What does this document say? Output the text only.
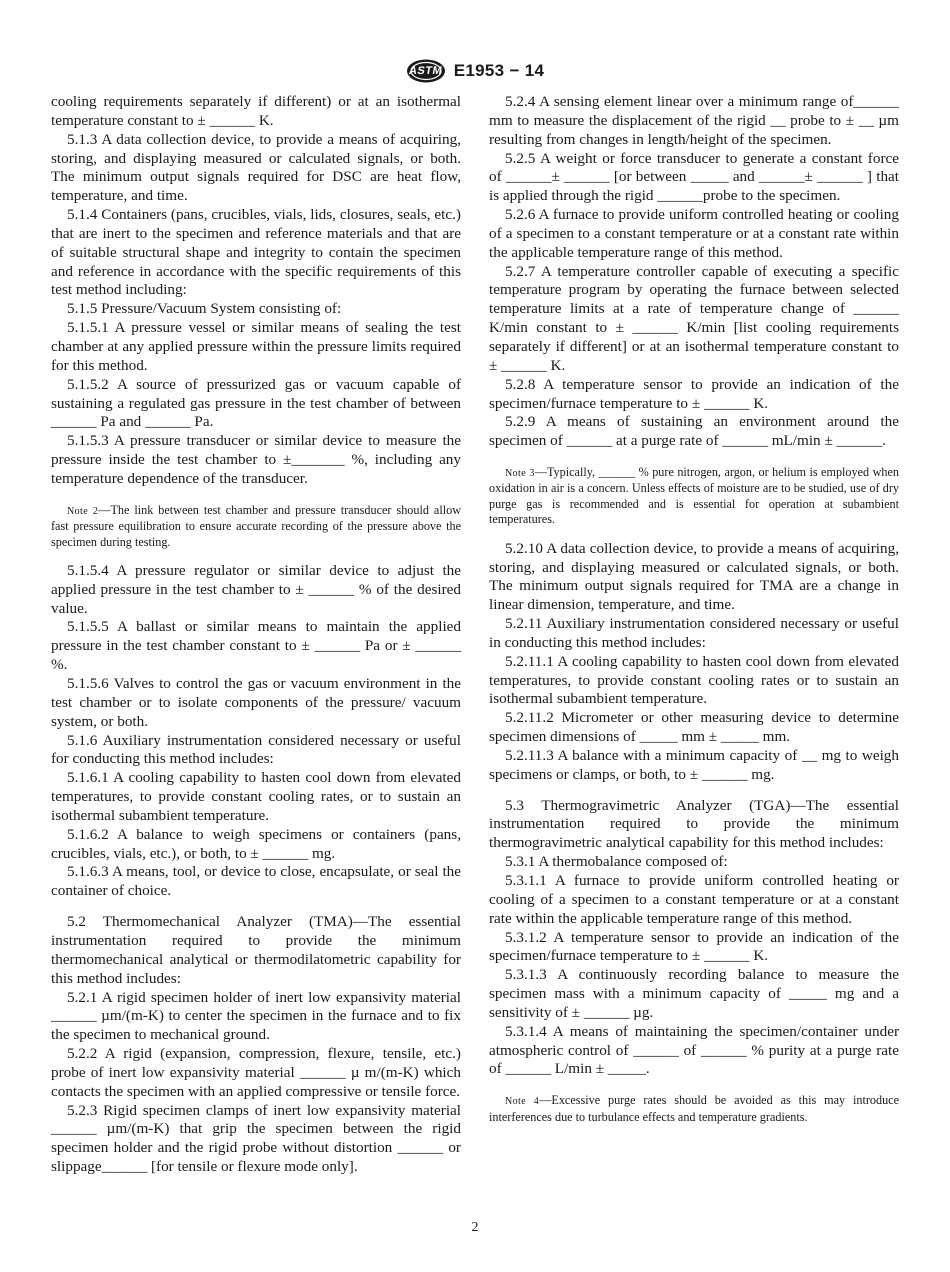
ASTM E1953 − 14

cooling requirements separately if different) or at an isothermal temperature constant to ± ______ K.

5.1.3 A data collection device, to provide a means of acquiring, storing, and displaying measured or calculated signals, or both. The minimum output signals required for DSC are heat flow, temperature, and time.

5.1.4 Containers (pans, crucibles, vials, lids, closures, seals, etc.) that are inert to the specimen and reference materials and that are of suitable structural shape and integrity to contain the specimen and reference in accordance with the specific requirements of this test method including:

5.1.5 Pressure/Vacuum System consisting of:

5.1.5.1 A pressure vessel or similar means of sealing the test chamber at any applied pressure within the pressure limits required for this method.

5.1.5.2 A source of pressurized gas or vacuum capable of sustaining a regulated gas pressure in the test chamber of between ______ Pa and ______ Pa.

5.1.5.3 A pressure transducer or similar device to measure the pressure inside the test chamber to ±_______ %, including any temperature dependence of the transducer.

Note 2—The link between test chamber and pressure transducer should allow fast pressure equilibration to ensure accurate recording of the pressure above the specimen during testing.

5.1.5.4 A pressure regulator or similar device to adjust the applied pressure in the test chamber to ± ______ % of the desired value.

5.1.5.5 A ballast or similar means to maintain the applied pressure in the test chamber constant to ± ______ Pa or ± ______ %.

5.1.5.6 Valves to control the gas or vacuum environment in the test chamber or to isolate components of the pressure/ vacuum system, or both.

5.1.6 Auxiliary instrumentation considered necessary or useful for conducting this method includes:

5.1.6.1 A cooling capability to hasten cool down from elevated temperatures, to provide constant cooling rates, or to sustain an isothermal subambient temperature.

5.1.6.2 A balance to weigh specimens or containers (pans, crucibles, vials, etc.), or both, to ± ______ mg.

5.1.6.3 A means, tool, or device to close, encapsulate, or seal the container of choice.

5.2 Thermomechanical Analyzer (TMA)—The essential instrumentation required to provide the minimum thermomechanical analytical or thermodilatometric capability for this method includes:

5.2.1 A rigid specimen holder of inert low expansivity material ______ µm/(m-K) to center the specimen in the furnace and to fix the specimen to mechanical ground.

5.2.2 A rigid (expansion, compression, flexure, tensile, etc.) probe of inert low expansivity material ______ µ m/(m-K) which contacts the specimen with an applied compressive or tensile force.

5.2.3 Rigid specimen clamps of inert low expansivity material ______ µm/(m-K) that grip the specimen between the rigid specimen holder and the rigid probe without distortion ______ or slippage______ [for tensile or flexure mode only].

5.2.4 A sensing element linear over a minimum range of______ mm to measure the displacement of the rigid __ probe to ± __ µm resulting from changes in length/height of the specimen.

5.2.5 A weight or force transducer to generate a constant force of ______± ______ [or between _____ and ______± ______ ] that is applied through the rigid ______probe to the specimen.

5.2.6 A furnace to provide uniform controlled heating or cooling of a specimen to a constant temperature or at a constant rate within the applicable temperature range of this method.

5.2.7 A temperature controller capable of executing a specific temperature program by operating the furnace between selected temperature limits at a rate of temperature change of ______ K/min constant to ± ______ K/min [list cooling requirements separately if different] or at an isothermal temperature constant to ± ______ K.

5.2.8 A temperature sensor to provide an indication of the specimen/furnace temperature to ± ______ K.

5.2.9 A means of sustaining an environment around the specimen of ______ at a purge rate of ______ mL/min ± ______.

Note 3—Typically, ______ % pure nitrogen, argon, or helium is employed when oxidation in air is a concern. Unless effects of moisture are to be studied, use of dry purge gas is recommended and is essential for operation at subambient temperatures.

5.2.10 A data collection device, to provide a means of acquiring, storing, and displaying measured or calculated signals, or both. The minimum output signals required for TMA are a change in linear dimension, temperature, and time.

5.2.11 Auxiliary instrumentation considered necessary or useful in conducting this method includes:

5.2.11.1 A cooling capability to hasten cool down from elevated temperatures, to provide constant cooling rates or to sustain an isothermal subambient temperature.

5.2.11.2 Micrometer or other measuring device to determine specimen dimensions of _____ mm ± _____ mm.

5.2.11.3 A balance with a minimum capacity of __ mg to weigh specimens or clamps, or both, to ± ______ mg.

5.3 Thermogravimetric Analyzer (TGA)—The essential instrumentation required to provide the minimum thermogravimetric analytical capability for this method includes:

5.3.1 A thermobalance composed of:

5.3.1.1 A furnace to provide uniform controlled heating or cooling of a specimen to a constant temperature or at a constant rate within the applicable temperature range of this method.

5.3.1.2 A temperature sensor to provide an indication of the specimen/furnace temperature to ± ______ K.

5.3.1.3 A continuously recording balance to measure the specimen mass with a minimum capacity of _____ mg and a sensitivity of ± ______ µg.

5.3.1.4 A means of maintaining the specimen/container under atmospheric control of ______ of ______ % purity at a purge rate of ______ L/min ± _____.

Note 4—Excessive purge rates should be avoided as this may introduce interferences due to turbulance effects and temperature gradients.
2
